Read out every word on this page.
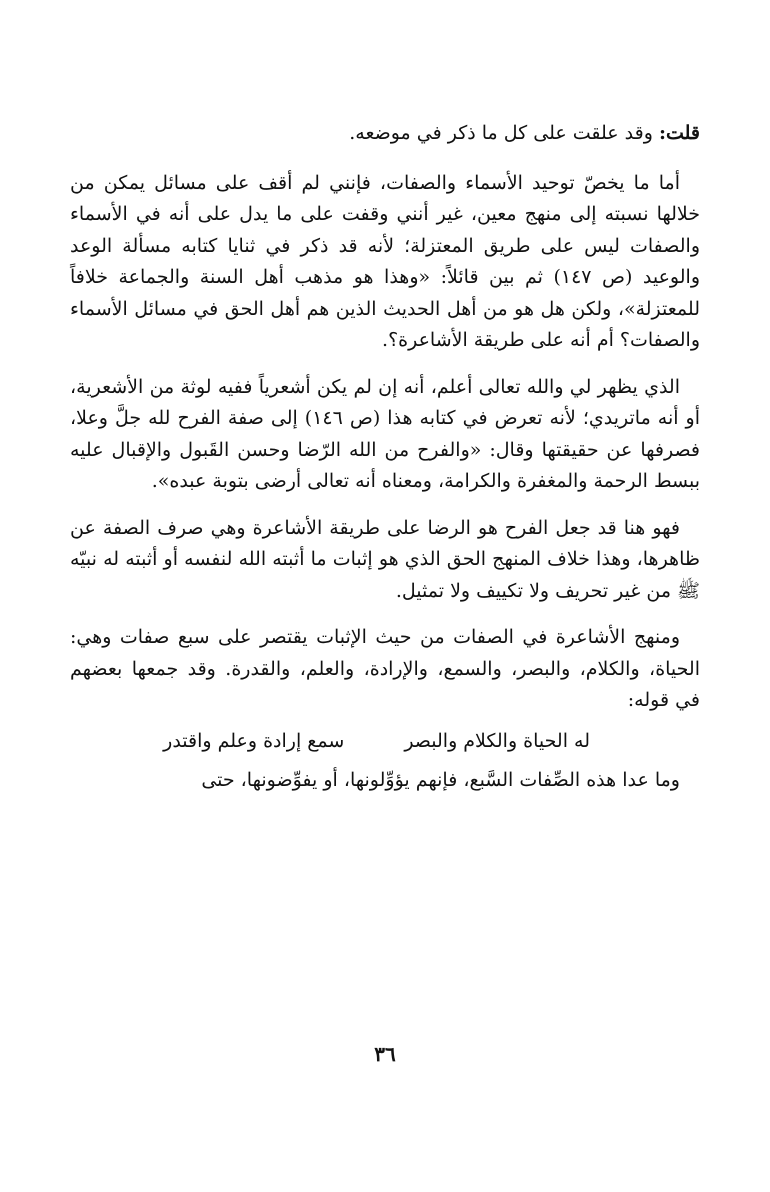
قلت: وقد علقت على كل ما ذكر في موضعه.

أما ما يخصّ توحيد الأسماء والصفات، فإنني لم أقف على مسائل يمكن من خلالها نسبته إلى منهج معين، غير أنني وقفت على ما يدل على أنه في الأسماء والصفات ليس على طريق المعتزلة؛ لأنه قد ذكر في ثنايا كتابه مسألة الوعد والوعيد (ص ١٤٧) ثم بين قائلاً: «وهذا هو مذهب أهل السنة والجماعة خلافاً للمعتزلة»، ولكن هل هو من أهل الحديث الذين هم أهل الحق في مسائل الأسماء والصفات؟ أم أنه على طريقة الأشاعرة؟.

الذي يظهر لي والله تعالى أعلم، أنه إن لم يكن أشعرياً ففيه لوثة من الأشعرية، أو أنه ماتريدي؛ لأنه تعرض في كتابه هذا (ص ١٤٦) إلى صفة الفرح لله جلَّ وعلا، فصرفها عن حقيقتها وقال: «والفرح من الله الرّضا وحسن القَبول والإقبال عليه ببسط الرحمة والمغفرة والكرامة، ومعناه أنه تعالى أرضى بتوبة عبده».

فهو هنا قد جعل الفرح هو الرضا على طريقة الأشاعرة وهي صرف الصفة عن ظاهرها، وهذا خلاف المنهج الحق الذي هو إثبات ما أثبته الله لنفسه أو أثبته له نبيّه ﷺ من غير تحريف ولا تكييف ولا تمثيل.

ومنهج الأشاعرة في الصفات من حيث الإثبات يقتصر على سبع صفات وهي: الحياة، والكلام، والبصر، والسمع، والإرادة، والعلم، والقدرة. وقد جمعها بعضهم في قوله:

له الحياة والكلام والبصر
سمع إرادة وعلم واقتدر

وما عدا هذه الصِّفات السَّبع، فإنهم يؤوِّلونها، أو يفوِّضونها، حتى

٣٦
